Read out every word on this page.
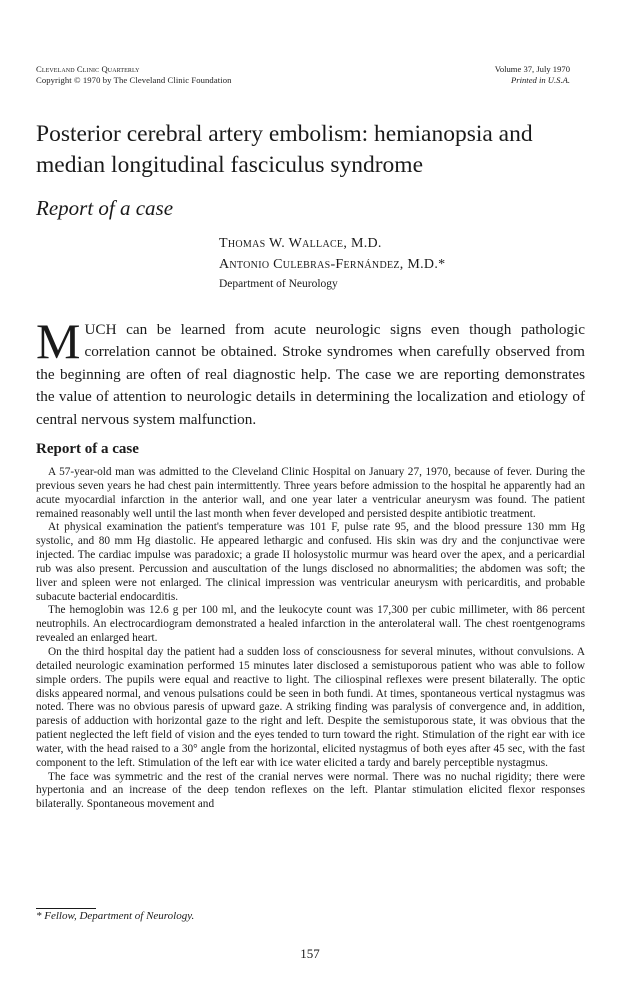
Cleveland Clinic Quarterly
Copyright © 1970 by The Cleveland Clinic Foundation
Volume 37, July 1970
Printed in U.S.A.
Posterior cerebral artery embolism: hemianopsia and median longitudinal fasciculus syndrome
Report of a case
Thomas W. Wallace, M.D.
Antonio Culebras-Fernández, M.D.*
Department of Neurology

MUCH can be learned from acute neurologic signs even though pathologic correlation cannot be obtained. Stroke syndromes when carefully observed from the beginning are often of real diagnostic help. The case we are reporting demonstrates the value of attention to neurologic details in determining the localization and etiology of central nervous system malfunction.

Report of a case

A 57-year-old man was admitted to the Cleveland Clinic Hospital on January 27, 1970, because of fever. During the previous seven years he had chest pain intermittently. Three years before admission to the hospital he apparently had an acute myocardial infarction in the anterior wall, and one year later a ventricular aneurysm was found. The patient remained reasonably well until the last month when fever developed and persisted despite antibiotic treatment.

At physical examination the patient's temperature was 101 F, pulse rate 95, and the blood pressure 130 mm Hg systolic, and 80 mm Hg diastolic. He appeared lethargic and confused. His skin was dry and the conjunctivae were injected. The cardiac impulse was paradoxic; a grade II holosystolic murmur was heard over the apex, and a pericardial rub was also present. Percussion and auscultation of the lungs disclosed no abnormalities; the abdomen was soft; the liver and spleen were not enlarged. The clinical impression was ventricular aneurysm with pericarditis, and probable subacute bacterial endocarditis.

The hemoglobin was 12.6 g per 100 ml, and the leukocyte count was 17,300 per cubic millimeter, with 86 percent neutrophils. An electrocardiogram demonstrated a healed infarction in the anterolateral wall. The chest roentgenograms revealed an enlarged heart.

On the third hospital day the patient had a sudden loss of consciousness for several minutes, without convulsions. A detailed neurologic examination performed 15 minutes later disclosed a semistuporous patient who was able to follow simple orders. The pupils were equal and reactive to light. The ciliospinal reflexes were present bilaterally. The optic disks appeared normal, and venous pulsations could be seen in both fundi. At times, spontaneous vertical nystagmus was noted. There was no obvious paresis of upward gaze. A striking finding was paralysis of convergence and, in addition, paresis of adduction with horizontal gaze to the right and left. Despite the semistuporous state, it was obvious that the patient neglected the left field of vision and the eyes tended to turn toward the right. Stimulation of the right ear with ice water, with the head raised to a 30° angle from the horizontal, elicited nystagmus of both eyes after 45 sec, with the fast component to the left. Stimulation of the left ear with ice water elicited a tardy and barely perceptible nystagmus.

The face was symmetric and the rest of the cranial nerves were normal. There was no nuchal rigidity; there were hypertonia and an increase of the deep tendon reflexes on the left. Plantar stimulation elicited flexor responses bilaterally. Spontaneous movement and

* Fellow, Department of Neurology.
157
